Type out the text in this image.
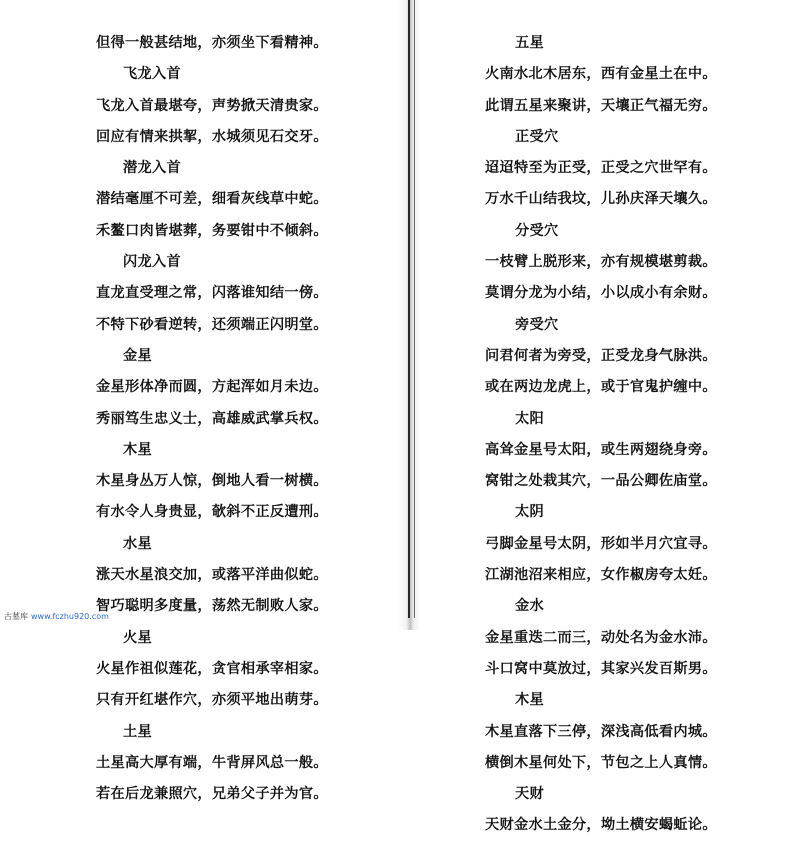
但得一般甚结地，亦须坐下看精神。
飞龙入首
飞龙入首最堪夸，声势掀天清贵家。
回应有情来拱挈，水城须见石交牙。
潜龙入首
潜结毫厘不可差，细看灰线草中蛇。
禾鳌口肉皆堪葬，务要钳中不倾斜。
闪龙入首
直龙直受理之常，闪落谁知结一傍。
不特下砂看逆转，还须端正闪明堂。
金星
金星形体净而圆，方起浑如月未边。
秀丽笃生忠义士，高雄威武掌兵权。
木星
木星身丛万人惊，倒地人看一树横。
有水令人身贵显，欹斜不正反遭刑。
水星
涨天水星浪交加，或落平洋曲似蛇。
智巧聪明多度量，荡然无制败人家。
火星
火星作祖似莲花，贪官相承宰相家。
只有开红堪作穴，亦须平地出萌芽。
土星
土星高大厚有端，牛背屏风总一般。
若在后龙兼照穴，兄弟父子并为官。
五星
火南水北木居东，西有金星土在中。
此谓五星来聚讲，天壤正气福无穷。
正受穴
迢迢特至为正受，正受之穴世罕有。
万水千山结我坟，儿孙庆泽天壤久。
分受穴
一枝臂上脱形来，亦有规模堪剪裁。
莫谓分龙为小结，小以成小有余财。
旁受穴
问君何者为旁受，正受龙身气脉洪。
或在两边龙虎上，或于官鬼护缠中。
太阳
高耸金星号太阳，或生两翅绕身旁。
窝钳之处栽其穴，一品公卿佐庙堂。
太阴
弓脚金星号太阴，形如半月穴宜寻。
江湖池沼来相应，女作椒房夸太妊。
金水
金星重迭二而三，动处名为金水沛。
斗口窝中莫放过，其家兴发百斯男。
木星
木星直落下三停，深浅高低看内城。
横倒木星何处下，节包之上人真情。
天财
天财金水土金分，坳土横安蝎蚯论。
古墓库 www.fczhu920.com
